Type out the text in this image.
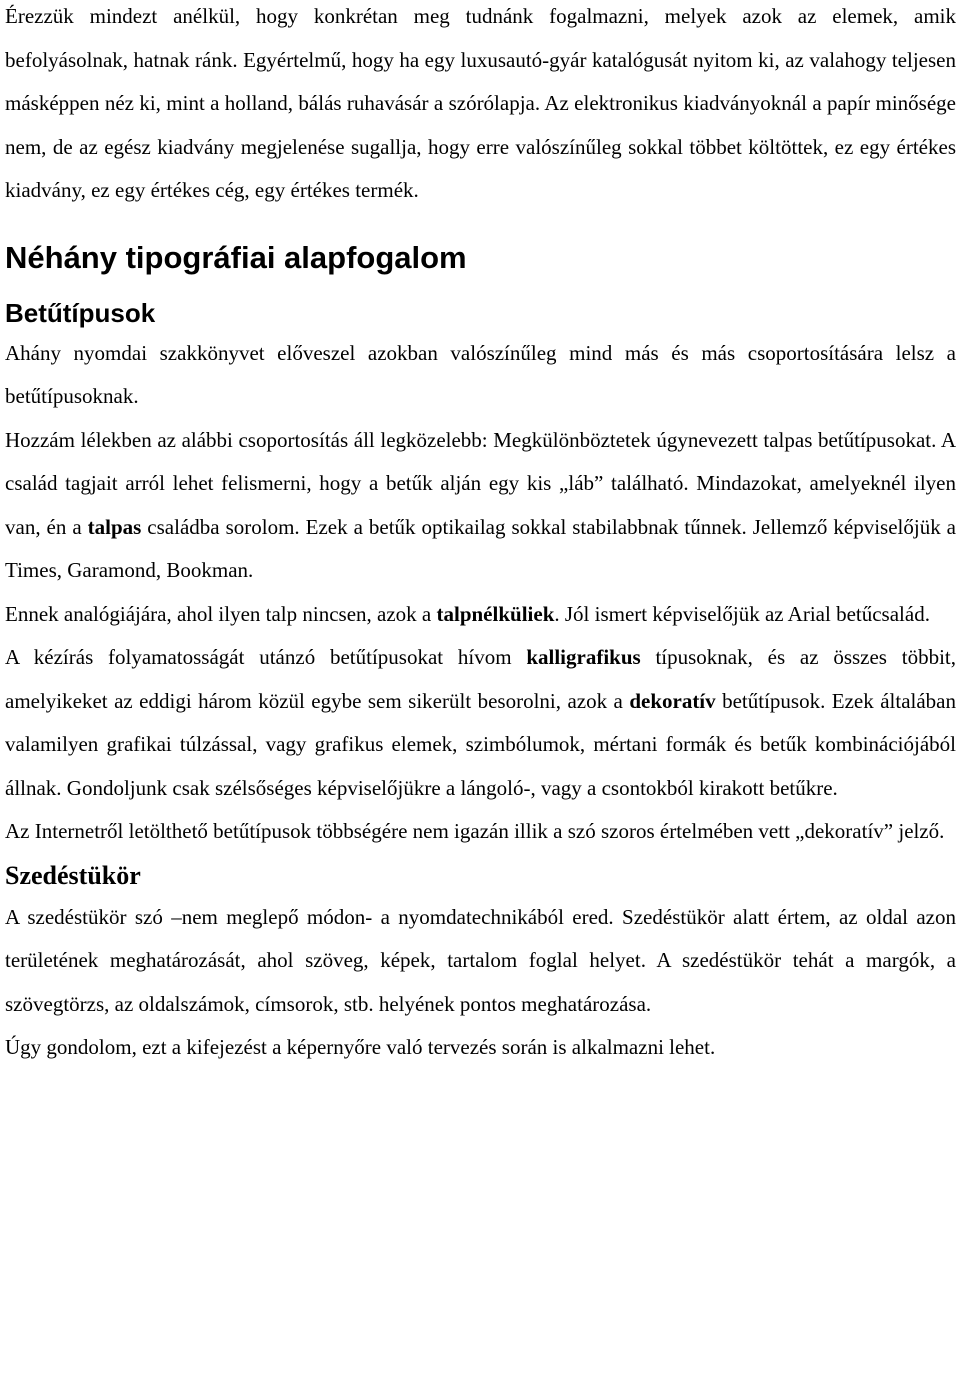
Érezzük mindezt anélkül, hogy konkrétan meg tudnánk fogalmazni, melyek azok az elemek, amik befolyásolnak, hatnak ránk. Egyértelmű, hogy ha egy luxusautó-gyár katalógusát nyitom ki, az valahogy teljesen másképpen néz ki, mint a holland, bálás ruhavásár a szórólapja. Az elektronikus kiadványoknál a papír minősége nem, de az egész kiadvány megjelenése sugallja, hogy erre valószínűleg sokkal többet költöttek, ez egy értékes kiadvány, ez egy értékes cég, egy értékes termék.

Néhány tipográfiai alapfogalom
Betűtípusok

Ahány nyomdai szakkönyvet előveszel azokban valószínűleg mind más és más csoportosítására lelsz a betűtípusoknak.

Hozzám lélekben az alábbi csoportosítás áll legközelebb: Megkülönböztetek úgynevezett talpas betűtípusokat. A család tagjait arról lehet felismerni, hogy a betűk alján egy kis „láb” található. Mindazokat, amelyeknél ilyen van, én a talpas családba sorolom. Ezek a betűk optikailag sokkal stabilabbnak tűnnek. Jellemző képviselőjük a Times, Garamond, Bookman.

Ennek analógiájára, ahol ilyen talp nincsen, azok a talpnélküliek. Jól ismert képviselőjük az Arial betűcsalád.

A kézírás folyamatosságát utánzó betűtípusokat hívom kalligrafikus típusoknak, és az összes többit, amelyikeket az eddigi három közül egybe sem sikerült besorolni, azok a dekoratív betűtípusok. Ezek általában valamilyen grafikai túlzással, vagy grafikus elemek, szimbólumok, mértani formák és betűk kombinációjából állnak. Gondoljunk csak szélsőséges képviselőjükre a lángoló-, vagy a csontokból kirakott betűkre.

Az Internetről letölthető betűtípusok többségére nem igazán illik a szó szoros értelmében vett „dekoratív” jelző.

Szedéstükör

A szedéstükör szó –nem meglepő módon- a nyomdatechnikából ered. Szedéstükör alatt értem, az oldal azon területének meghatározását, ahol szöveg, képek, tartalom foglal helyet. A szedéstükör tehát a margók, a szövegtörzs, az oldalszámok, címsorok, stb. helyének pontos meghatározása.

Úgy gondolom, ezt a kifejezést a képernyőre való tervezés során is alkalmazni lehet.
